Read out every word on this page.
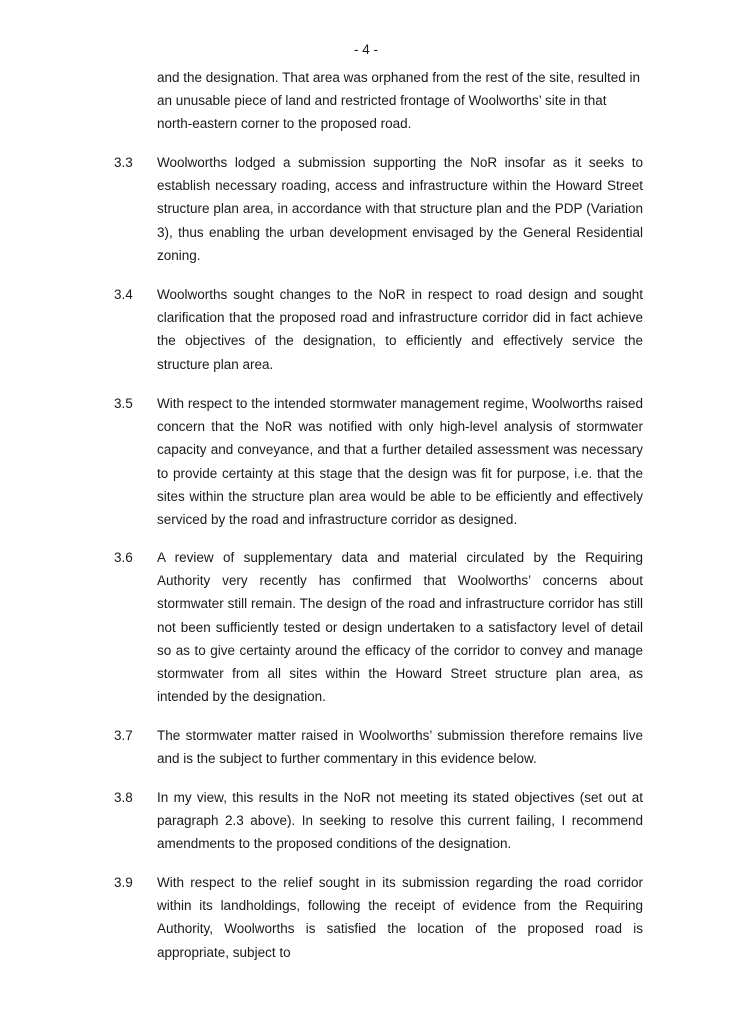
- 4 -
and the designation. That area was orphaned from the rest of the site, resulted in an unusable piece of land and restricted frontage of Woolworths’ site in that north-eastern corner to the proposed road.
3.3 Woolworths lodged a submission supporting the NoR insofar as it seeks to establish necessary roading, access and infrastructure within the Howard Street structure plan area, in accordance with that structure plan and the PDP (Variation 3), thus enabling the urban development envisaged by the General Residential zoning.
3.4 Woolworths sought changes to the NoR in respect to road design and sought clarification that the proposed road and infrastructure corridor did in fact achieve the objectives of the designation, to efficiently and effectively service the structure plan area.
3.5 With respect to the intended stormwater management regime, Woolworths raised concern that the NoR was notified with only high-level analysis of stormwater capacity and conveyance, and that a further detailed assessment was necessary to provide certainty at this stage that the design was fit for purpose, i.e. that the sites within the structure plan area would be able to be efficiently and effectively serviced by the road and infrastructure corridor as designed.
3.6 A review of supplementary data and material circulated by the Requiring Authority very recently has confirmed that Woolworths’ concerns about stormwater still remain. The design of the road and infrastructure corridor has still not been sufficiently tested or design undertaken to a satisfactory level of detail so as to give certainty around the efficacy of the corridor to convey and manage stormwater from all sites within the Howard Street structure plan area, as intended by the designation.
3.7 The stormwater matter raised in Woolworths’ submission therefore remains live and is the subject to further commentary in this evidence below.
3.8 In my view, this results in the NoR not meeting its stated objectives (set out at paragraph 2.3 above). In seeking to resolve this current failing, I recommend amendments to the proposed conditions of the designation.
3.9 With respect to the relief sought in its submission regarding the road corridor within its landholdings, following the receipt of evidence from the Requiring Authority, Woolworths is satisfied the location of the proposed road is appropriate, subject to
